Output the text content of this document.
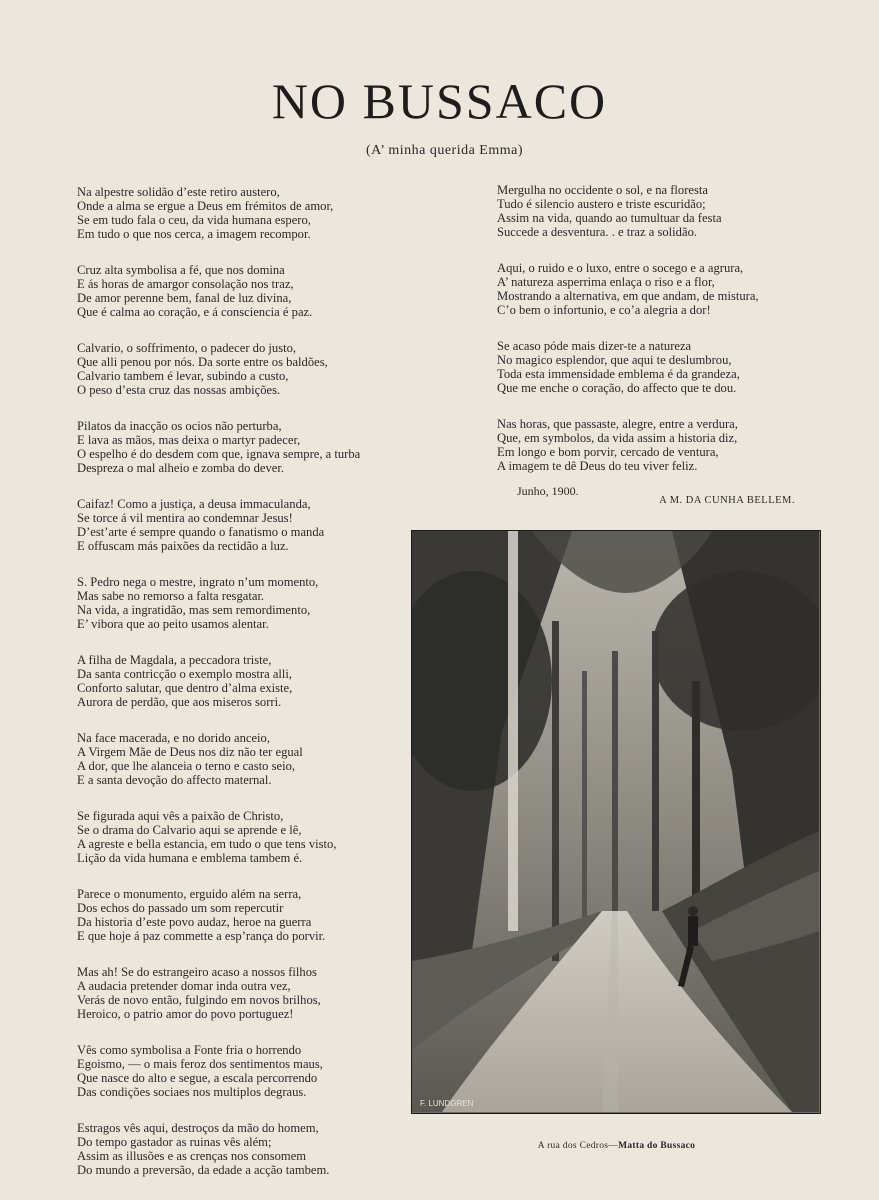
NO BUSSACO
(A’ minha querida Emma)
Na alpestre solidão d’este retiro austero,
Onde a alma se ergue a Deus em frémitos de amor,
Se em tudo fala o ceu, da vida humana espero,
Em tudo o que nos cerca, a imagem recompor.
Cruz alta symbolisa a fé, que nos domina
E ás horas de amargor consolação nos traz,
De amor perenne bem, fanal de luz divina,
Que é calma ao coração, e á consciencia é paz.
Calvario, o soffrimento, o padecer do justo,
Que alli penou por nós. Da sorte entre os baldões,
Calvario tambem é levar, subindo a custo,
O peso d’esta cruz das nossas ambições.
Pilatos da inacção os ocios não perturba,
E lava as mãos, mas deixa o martyr padecer,
O espelho é do desdem com que, ignava sempre, a turba
Despreza o mal alheio e zomba do dever.
Caifaz! Como a justiça, a deusa immaculanda,
Se torce á vil mentira ao condemnar Jesus!
D’est’arte é sempre quando o fanatismo o manda
E offuscam más paixões da rectidão a luz.
S. Pedro nega o mestre, ingrato n’um momento,
Mas sabe no remorso a falta resgatar.
Na vida, a ingratidão, mas sem remordimento,
E’ vibora que ao peito usamos alentar.
A filha de Magdala, a peccadora triste,
Da santa contricção o exemplo mostra alli,
Conforto salutar, que dentro d’alma existe,
Aurora de perdão, que aos miseros sorri.
Na face macerada, e no dorido anceio,
A Virgem Mãe de Deus nos diz não ter egual
A dor, que lhe alanceia o terno e casto seio,
E a santa devoção do affecto maternal.
Se figurada aqui vês a paixão de Christo,
Se o drama do Calvario aqui se aprende e lê,
A agreste e bella estancia, em tudo o que tens visto,
Lição da vida humana e emblema tambem é.
Parece o monumento, erguido além na serra,
Dos echos do passado um som repercutir
Da historia d’este povo audaz, heroe na guerra
E que hoje á paz commette a esp’rança do porvir.
Mas ah! Se do estrangeiro acaso a nossos filhos
A audacia pretender domar inda outra vez,
Verás de novo então, fulgindo em novos brilhos,
Heroico, o patrio amor do povo portuguez!
Vês como symbolisa a Fonte fria o horrendo
Egoismo, — o mais feroz dos sentimentos maus,
Que nasce do alto e segue, a escala percorrendo
Das condições sociaes nos multiplos degraus.
Estragos vês aqui, destroços da mão do homem,
Do tempo gastador as ruinas vês além;
Assim as illusões e as crenças nos consomem
Do mundo a preversão, da edade a acção tambem.
Mergulha no occidente o sol, e na floresta
Tudo é silencio austero e triste escuridão;
Assim na vida, quando ao tumultuar da festa
Succede a desventura. . e traz a solidão.
Aqui, o ruido e o luxo, entre o socego e a agrura,
A’ natureza asperrima enlaça o riso e a flor,
Mostrando a alternativa, em que andam, de mistura,
C’o bem o infortunio, e co’a alegria a dor!
Se acaso póde mais dizer-te a natureza
No magico esplendor, que aqui te deslumbrou,
Toda esta immensidade emblema é da grandeza,
Que me enche o coração, do affecto que te dou.
Nas horas, que passaste, alegre, entre a verdura,
Que, em symbolos, da vida assim a historia diz,
Em longo e bom porvir, cercado de ventura,
A imagem te dê Deus do teu viver feliz.
Junho, 1900.
A M. DA CUNHA BELLEM.
F. LUNDGREN
A rua dos Cedros—Matta do Bussaco
